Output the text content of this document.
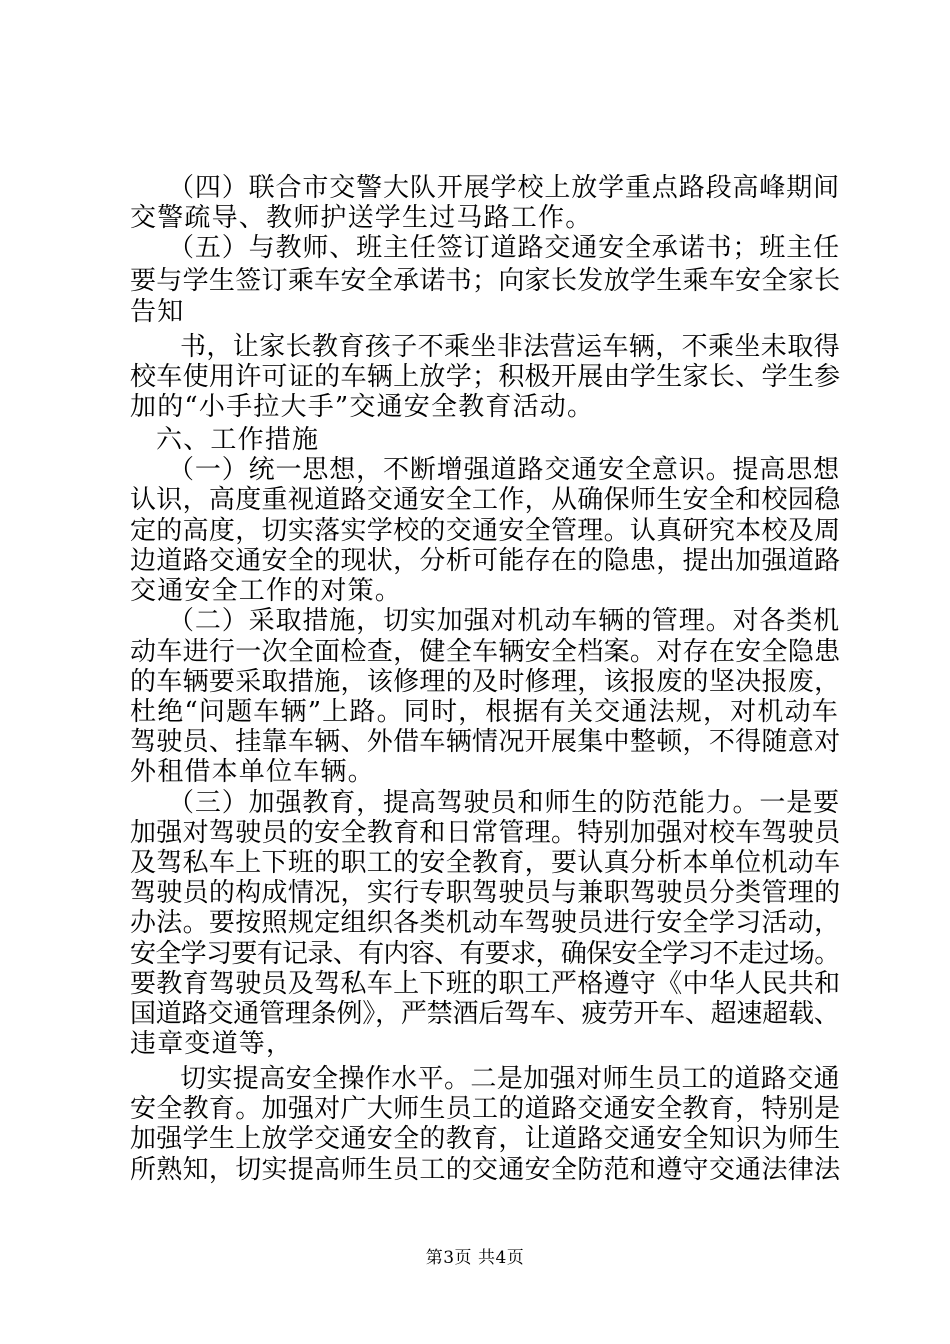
（四）联合市交警大队开展学校上放学重点路段高峰期间
交警疏导、教师护送学生过马路工作。
（五）与教师、班主任签订道路交通安全承诺书；班主任
要与学生签订乘车安全承诺书；向家长发放学生乘车安全家长
告知
书，让家长教育孩子不乘坐非法营运车辆，不乘坐未取得
校车使用许可证的车辆上放学；积极开展由学生家长、学生参
加的“小手拉大手”交通安全教育活动。
六、工作措施
（一）统一思想，不断增强道路交通安全意识。提高思想
认识，高度重视道路交通安全工作，从确保师生安全和校园稳
定的高度，切实落实学校的交通安全管理。认真研究本校及周
边道路交通安全的现状，分析可能存在的隐患，提出加强道路
交通安全工作的对策。
（二）采取措施，切实加强对机动车辆的管理。对各类机
动车进行一次全面检查，健全车辆安全档案。对存在安全隐患
的车辆要采取措施，该修理的及时修理，该报废的坚决报废，
杜绝“问题车辆”上路。同时，根据有关交通法规，对机动车
驾驶员、挂靠车辆、外借车辆情况开展集中整顿，不得随意对
外租借本单位车辆。
（三）加强教育，提高驾驶员和师生的防范能力。一是要
加强对驾驶员的安全教育和日常管理。特别加强对校车驾驶员
及驾私车上下班的职工的安全教育，要认真分析本单位机动车
驾驶员的构成情况，实行专职驾驶员与兼职驾驶员分类管理的
办法。要按照规定组织各类机动车驾驶员进行安全学习活动，
安全学习要有记录、有内容、有要求，确保安全学习不走过场。
要教育驾驶员及驾私车上下班的职工严格遵守《中华人民共和
国道路交通管理条例》，严禁酒后驾车、疲劳开车、超速超载、
违章变道等，
切实提高安全操作水平。二是加强对师生员工的道路交通
安全教育。加强对广大师生员工的道路交通安全教育，特别是
加强学生上放学交通安全的教育，让道路交通安全知识为师生
所熟知，切实提高师生员工的交通安全防范和遵守交通法律法
第3页 共4页
